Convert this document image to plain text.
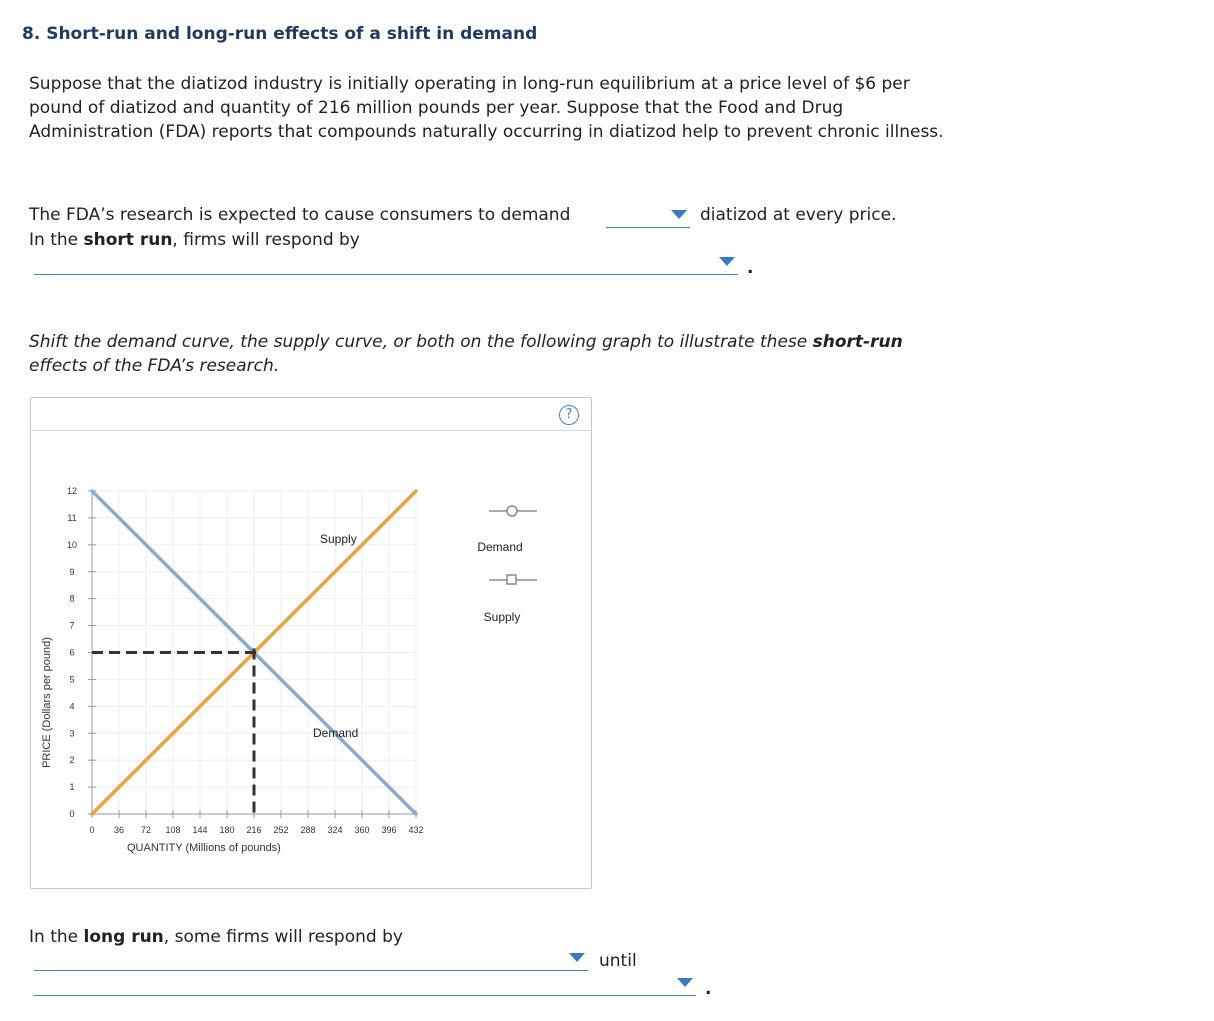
8. Short-run and long-run effects of a shift in demand
Suppose that the diatizod industry is initially operating in long-run equilibrium at a price level of $6 per pound of diatizod and quantity of 216 million pounds per year. Suppose that the Food and Drug Administration (FDA) reports that compounds naturally occurring in diatizod help to prevent chronic illness.
The FDA’s research is expected to cause consumers to demand	diatizod at every price.
In the short run, firms will respond by
.
Shift the demand curve, the supply curve, or both on the following graph to illustrate these short-run effects of the FDA’s research.
?
0 36 72 108 144 180 216 252 288 324 360 396 432
0
1
2
3
4
5
6
7
8
9
10
11
12
QUANTITY (Millions of pounds)
PRICE (Dollars per pound)
Supply
Demand
Demand
Supply
In the long run, some firms will respond by
until
.
